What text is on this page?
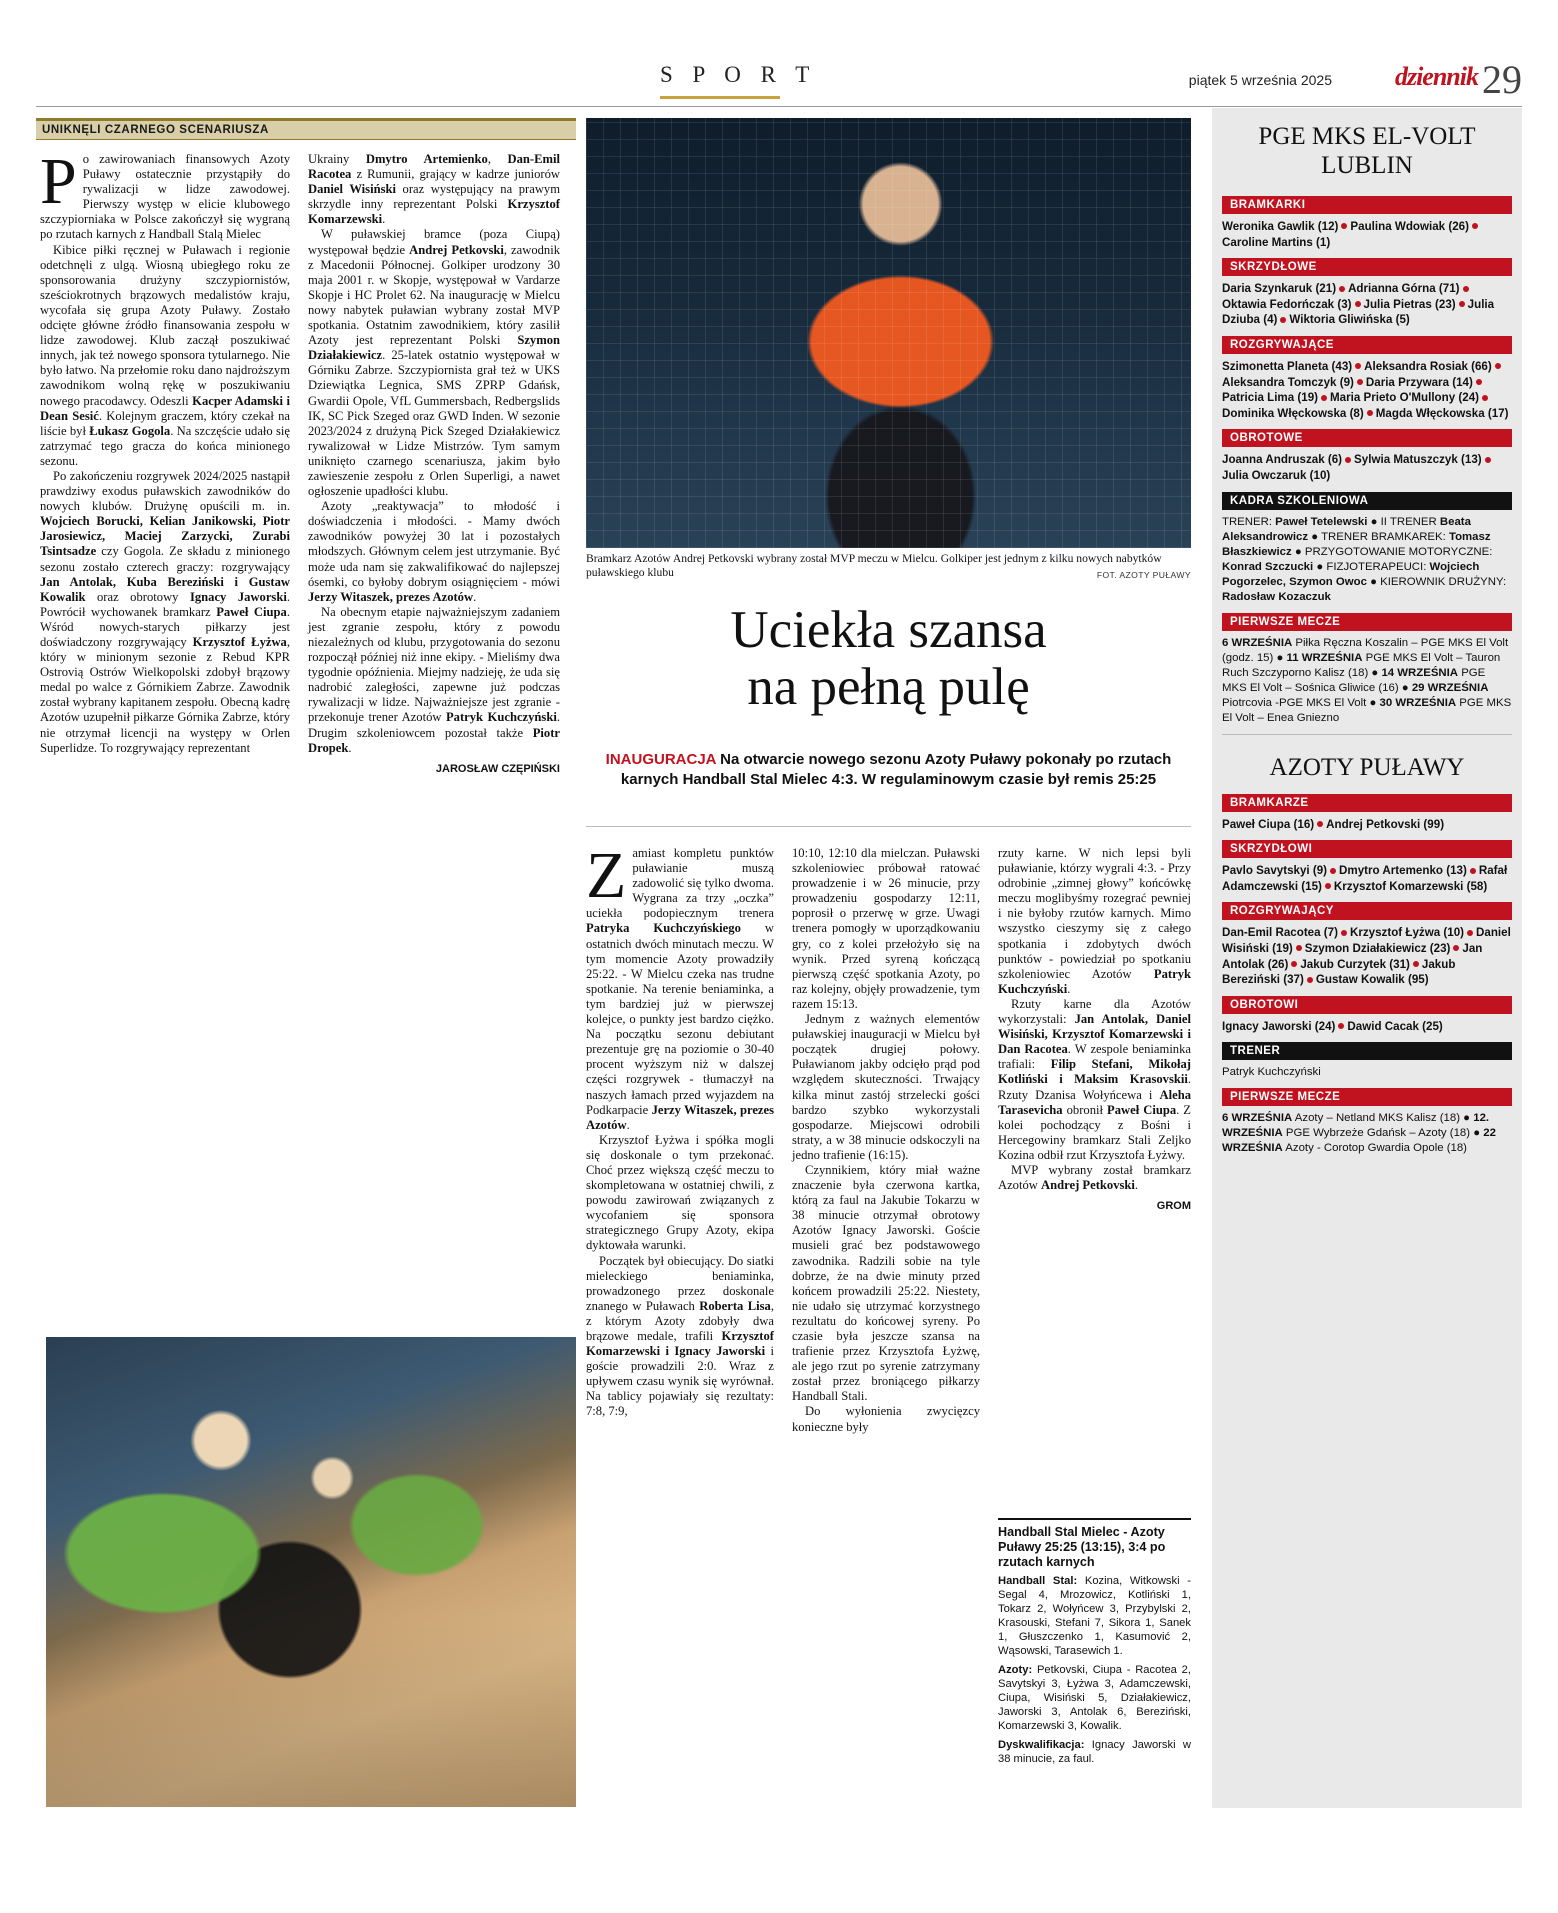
S P O R T	piątek 5 września 2025 dziennik 29
UNIKNĘLI CZARNEGO SCENARIUSZA
P o zawirowaniach finansowych Azoty Puławy ostatecznie przystąpiły do rywalizacji w lidze zawodowej. Pierwszy występ w elicie klubowego szczypiorniaka w Polsce zakończył się wygraną po rzutach karnych z Handball Stalą Mielec

Kibice piłki ręcznej w Puławach i regionie odetchnęli z ulgą. Wiosną ubiegłego roku ze sponsorowania drużyny szczypiornistów, sześciokrotnych brązowych medalistów kraju, wycofała się grupa Azoty Puławy. Zostało odcięte główne źródło finansowania zespołu w lidze zawodowej. Klub zaczął poszukiwać innych, jak też nowego sponsora tytularnego. Nie było łatwo. Na przełomie roku dano najdroższym zawodnikom wolną rękę w poszukiwaniu nowego pracodawcy. Odeszli Kacper Adamski i Dean Sesić. Kolejnym graczem, który czekał na liście był Łukasz Gogola. Na szczęście udało się zatrzymać tego gracza do końca minionego sezonu.

Po zakończeniu rozgrywek 2024/2025 nastąpił prawdziwy exodus puławskich zawodników do nowych klubów. Drużynę opuścili m. in. Wojciech Borucki, Kelian Janikowski, Piotr Jarosiewicz, Maciej Zarzycki, Zurabi Tsintsadze czy Gogola. Ze składu z minionego sezonu zostało czterech graczy: rozgrywający Jan Antolak, Kuba Bereziński i Gustaw Kowalik oraz obrotowy Ignacy Jaworski. Powrócił wychowanek bramkarz Paweł Ciupa. Wśród nowych-starych piłkarzy jest doświadczony rozgrywający Krzysztof Łyżwa, który w minionym sezonie z Rebud KPR Ostrovią Ostrów Wielkopolski zdobył brązowy medal po walce z Górnikiem Zabrze. Zawodnik został wybrany kapitanem zespołu. Obecną kadrę Azotów uzupełnił piłkarze Górnika Zabrze, który nie otrzymał licencji na występy w Orlen Superlidze. To rozgrywający reprezentant

Ukrainy Dmytro Artemienko, Dan-Emil Racotea z Rumunii, grający w kadrze juniorów Daniel Wisiński oraz występujący na prawym skrzydle inny reprezentant Polski Krzysztof Komarzewski.

W puławskiej bramce (poza Ciupą) występował będzie Andrej Petkovski, zawodnik z Macedonii Północnej. Golkiper urodzony 30 maja 2001 r. w Skopje, występował w Vardarze Skopje i HC Prolet 62. Na inaugurację w Mielcu nowy nabytek puławian wybrany został MVP spotkania. Ostatnim zawodnikiem, który zasilił Azoty jest reprezentant Polski Szymon Działakiewicz. 25-latek ostatnio występował w Górniku Zabrze. Szczypiornista grał też w UKS Dziewiątka Legnica, SMS ZPRP Gdańsk, Gwardii Opole, VfL Gummersbach, Redbergslids IK, SC Pick Szeged oraz GWD Inden. W sezonie 2023/2024 z drużyną Pick Szeged Działakiewicz rywalizował w Lidze Mistrzów. Tym samym uniknięto czarnego scenariusza, jakim było zawieszenie zespołu z Orlen Superligi, a nawet ogłoszenie upadłości klubu.

Azoty „reaktywacja” to młodość i doświadczenia i młodości. - Mamy dwóch zawodników powyżej 30 lat i pozostałych młodszych. Głównym celem jest utrzymanie. Być może uda nam się zakwalifikować do najlepszej ósemki, co byłoby dobrym osiągnięciem - mówi Jerzy Witaszek, prezes Azotów.

Na obecnym etapie najważniejszym zadaniem jest zgranie zespołu, który z powodu niezależnych od klubu, przygotowania do sezonu rozpoczął później niż inne ekipy. - Mieliśmy dwa tygodnie opóźnienia. Miejmy nadzieję, że uda się nadrobić zaległości, zapewne już podczas rywalizacji w lidze. Najważniejsze jest zgranie - przekonuje trener Azotów Patryk Kuchczyński. Drugim szkoleniowcem pozostał także Piotr Dropek.

JAROSŁAW CZĘPIŃSKI
Bramkarz Azotów Andrej Petkovski wybrany został MVP meczu w Mielcu. Golkiper jest jednym z kilku nowych nabytków puławskiego klubu	FOT. AZOTY PUŁAWY
Uciekła szansa
na pełną pulę
INAUGURACJA Na otwarcie nowego sezonu Azoty Puławy pokonały po rzutach karnych Handball Stal Mielec 4:3. W regulaminowym czasie był remis 25:25
Z amiast kompletu punktów puławianie muszą zadowolić się tylko dwoma. Wygrana za trzy „oczka” uciekła podopiecznym trenera Patryka Kuchczyńskiego w ostatnich dwóch minutach meczu. W tym momencie Azoty prowadziły 25:22. - W Mielcu czeka nas trudne spotkanie. Na terenie beniaminka, a tym bardziej już w pierwszej kolejce, o punkty jest bardzo ciężko. Na początku sezonu debiutant prezentuje grę na poziomie o 30-40 procent wyższym niż w dalszej części rozgrywek - tłumaczył na naszych łamach przed wyjazdem na Podkarpacie Jerzy Witaszek, prezes Azotów.

Krzysztof Łyżwa i spółka mogli się doskonale o tym przekonać. Choć przez większą część meczu to skompletowana w ostatniej chwili, z powodu zawirowań związanych z wycofaniem się sponsora strategicznego Grupy Azoty, ekipa dyktowała warunki.

Początek był obiecujący. Do siatki mieleckiego beniaminka, prowadzonego przez doskonale znanego w Puławach Roberta Lisa, z którym Azoty zdobyły dwa brązowe medale, trafili Krzysztof Komarzewski i Ignacy Jaworski i goście prowadzili 2:0. Wraz z upływem czasu wynik się wyrównał. Na tablicy pojawiały się rezultaty: 7:8, 7:9,

10:10, 12:10 dla mielczan. Puławski szkoleniowiec próbował ratować prowadzenie i w 26 minucie, przy prowadzeniu gospodarzy 12:11, poprosił o przerwę w grze. Uwagi trenera pomogły w uporządkowaniu gry, co z kolei przełożyło się na wynik. Przed syreną kończącą pierwszą część spotkania Azoty, po raz kolejny, objęły prowadzenie, tym razem 15:13.

Jednym z ważnych elementów puławskiej inauguracji w Mielcu był początek drugiej połowy. Puławianom jakby odcięło prąd pod względem skuteczności. Trwający kilka minut zastój strzelecki gości bardzo szybko wykorzystali gospodarze. Miejscowi odrobili straty, a w 38 minucie odskoczyli na jedno trafienie (16:15).

Czynnikiem, który miał ważne znaczenie była czerwona kartka, którą za faul na Jakubie Tokarzu w 38 minucie otrzymał obrotowy Azotów Ignacy Jaworski. Goście musieli grać bez podstawowego zawodnika. Radzili sobie na tyle dobrze, że na dwie minuty przed końcem prowadzili 25:22. Niestety, nie udało się utrzymać korzystnego rezultatu do końcowej syreny. Po czasie była jeszcze szansa na trafienie przez Krzysztofa Łyżwę, ale jego rzut po syrenie zatrzymany został przez broniącego piłkarzy Handball Stali.

Do wyłonienia zwycięzcy konieczne były

rzuty karne. W nich lepsi byli puławianie, którzy wygrali 4:3. - Przy odrobinie „zimnej głowy” końcówkę meczu moglibyśmy rozegrać pewniej i nie byłoby rzutów karnych. Mimo wszystko cieszymy się z całego spotkania i zdobytych dwóch punktów - powiedział po spotkaniu szkoleniowiec Azotów Patryk Kuchczyński.

Rzuty karne dla Azotów wykorzystali: Jan Antolak, Daniel Wisiński, Krzysztof Komarzewski i Dan Racotea. W zespole beniaminka trafiali: Filip Stefani, Mikołaj Kotliński i Maksim Krasovskii. Rzuty Dzanisa Wołyńcewa i Aleha Tarasevicha obronił Paweł Ciupa. Z kolei pochodzący z Bośni i Hercegowiny bramkarz Stali Zeljko Kozina odbił rzut Krzysztofa Łyżwy.

MVP wybrany został bramkarz Azotów Andrej Petkovski.

GROM
Handball Stal Mielec - Azoty Puławy 25:25 (13:15), 3:4 po rzutach karnych

Handball Stal: Kozina, Witkowski - Segal 4, Mrozowicz, Kotliński 1, Tokarz 2, Wołyńcew 3, Przybylski 2, Krasouski, Stefani 7, Sikora 1, Sanek 1, Głuszczenko 1, Kasumović 2, Wąsowski, Tarasewich 1.

Azoty: Petkovski, Ciupa - Racotea 2, Savytskyi 3, Łyżwa 3, Adamczewski, Ciupa, Wisiński 5, Działakiewicz, Jaworski 3, Antolak 6, Bereziński, Komarzewski 3, Kowalik.

Dyskwalifikacja: Ignacy Jaworski w 38 minucie, za faul.

PGE MKS EL-VOLT LUBLIN
BRAMKARKI
Weronika Gawlik (12) Paulina Wdowiak (26)Caroline Martins (1)
SKRZYDŁOWE
Daria Szynkaruk (21) Adrianna Górna (71)Oktawia Fedorńczak (3) Julia Pietras (23) Julia Dziuba (4) Wiktoria Gliwińska (5)
ROZGRYWAJĄCE
Szimonetta Planeta (43) Aleksandra Rosiak (66)Aleksandra Tomczyk (9) Daria Przywara (14)Patricia Lima (19) Maria Prieto O'Mullony (24)Dominika Włęckowska (8) Magda Włęckowska (17)
OBROTOWE
Joanna Andruszak (6) Sylwia Matuszczyk (13)Julia Owczaruk (10)
KADRA SZKOLENIOWA
TRENER: Paweł Tetelewski ● II TRENER Beata Aleksandrowicz ● TRENER BRAMKAREK: Tomasz Błaszkiewicz ● PRZYGOTOWANIE MOTORYCZNE: Konrad Szczucki ● FIZJOTERAPEUCI: Wojciech Pogorzelec, Szymon Owoc ● KIEROWNIK DRUŻYNY: Radosław Kozaczuk
PIERWSZE MECZE
6 WRZEŚNIA Piłka Ręczna Koszalin – PGE MKS El Volt (godz. 15) ● 11 WRZEŚNIA PGE MKS El Volt – Tauron Ruch Szczyporno Kalisz (18) ● 14 WRZEŚNIA PGE MKS El Volt – Sośnica Gliwice (16) ● 29 WRZEŚNIA Piotrcovia -PGE MKS El Volt ● 30 WRZEŚNIA PGE MKS El Volt – Enea Gniezno
AZOTY PUŁAWY
BRAMKARZE
Paweł Ciupa (16) Andrej Petkovski (99)
SKRZYDŁOWI
Pavlo Savytskyi (9) Dmytro Artemenko (13) Rafał Adamczewski (15) Krzysztof Komarzewski (58)
ROZGRYWAJĄCY
Dan-Emil Racotea (7) Krzysztof Łyżwa (10) Daniel Wisiński (19) Szymon Działakiewicz (23) Jan Antolak (26) Jakub Curzytek (31) Jakub Bereziński (37) Gustaw Kowalik (95)
OBROTOWI
Ignacy Jaworski (24) Dawid Cacak (25)
TRENER
Patryk Kuchczyński
PIERWSZE MECZE
6 WRZEŚNIA Azoty – Netland MKS Kalisz (18) ● 12. WRZEŚNIA PGE Wybrzeże Gdańsk – Azoty (18) ● 22 WRZEŚNIA Azoty - Corotop Gwardia Opole (18)
